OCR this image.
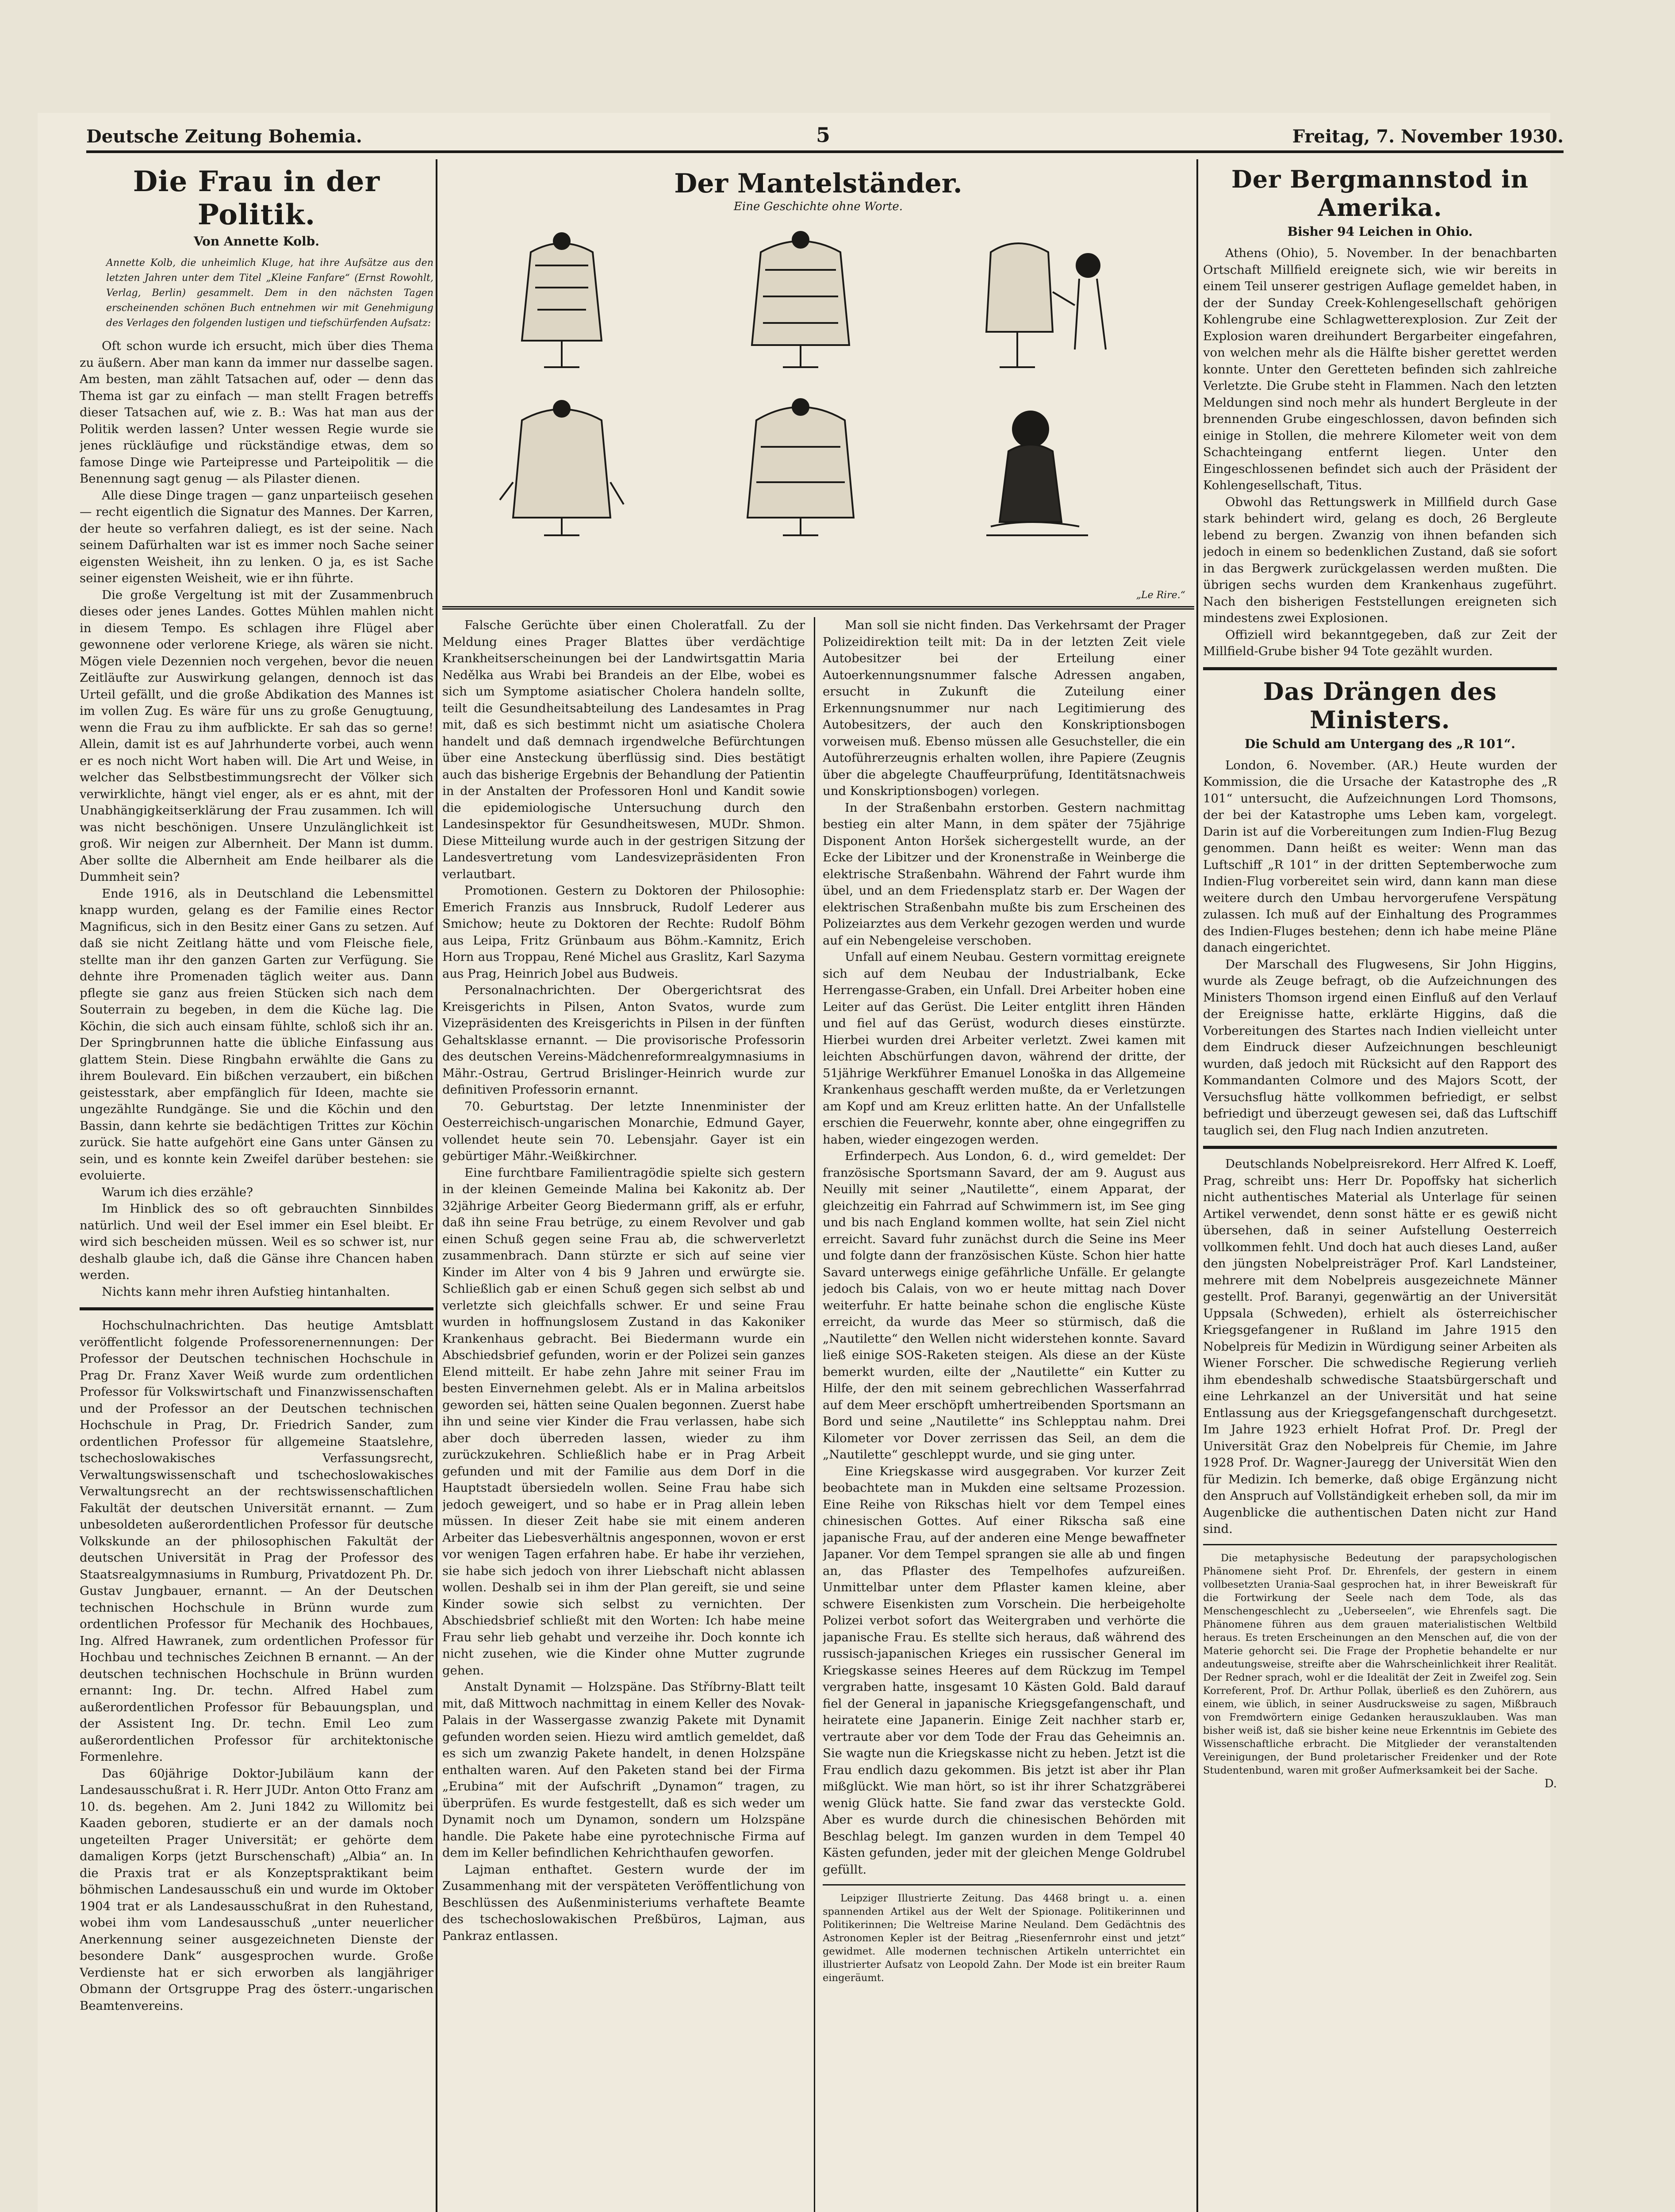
Deutsche Zeitung Bohemia.	5	Freitag, 7. November 1930.
Die Frau in der Politik.
Von Annette Kolb.
Annette Kolb, die unheimlich Kluge, hat ihre Aufsätze aus den letzten Jahren unter dem Titel „Kleine Fanfare“ (Ernst Rowohlt, Verlag, Berlin) gesammelt. Dem in den nächsten Tagen erscheinenden schönen Buch entnehmen wir mit Genehmigung des Verlages den folgenden lustigen und tiefschürfenden Aufsatz:

Oft schon wurde ich ersucht, mich über dies Thema zu äußern. Aber man kann da immer nur dasselbe sagen. Am besten, man zählt Tatsachen auf, oder — denn das Thema ist gar zu einfach — man stellt Fragen betreffs dieser Tatsachen auf, wie z. B.: Was hat man aus der Politik werden lassen? Unter wessen Regie wurde sie jenes rückläufige und rückständige etwas, dem so famose Dinge wie Parteipresse und Parteipolitik — die Benennung sagt genug — als Pilaster dienen.

Alle diese Dinge tragen — ganz unparteiisch gesehen — recht eigentlich die Signatur des Mannes. Der Karren, der heute so verfahren daliegt, es ist der seine. Nach seinem Dafürhalten war ist es immer noch Sache seiner eigensten Weisheit, ihn zu lenken. O ja, es ist Sache seiner eigensten Weisheit, wie er ihn führte.

Die große Vergeltung ist mit der Zusammenbruch dieses oder jenes Landes. Gottes Mühlen mahlen nicht in diesem Tempo. Es schlagen ihre Flügel aber gewonnene oder verlorene Kriege, als wären sie nicht. Mögen viele Dezennien noch vergehen, bevor die neuen Zeitläufte zur Auswirkung gelangen, dennoch ist das Urteil gefällt, und die große Abdikation des Mannes ist im vollen Zug. Es wäre für uns zu große Genugtuung, wenn die Frau zu ihm aufblickte. Er sah das so gerne! Allein, damit ist es auf Jahrhunderte vorbei, auch wenn er es noch nicht Wort haben will. Die Art und Weise, in welcher das Selbstbestimmungsrecht der Völker sich verwirklichte, hängt viel enger, als er es ahnt, mit der Unabhängigkeitserklärung der Frau zusammen. Ich will was nicht beschönigen. Unsere Unzulänglichkeit ist groß. Wir neigen zur Albernheit. Der Mann ist dumm. Aber sollte die Albernheit am Ende heilbarer als die Dummheit sein?

Ende 1916, als in Deutschland die Lebensmittel knapp wurden, gelang es der Familie eines Rector Magnificus, sich in den Besitz einer Gans zu setzen. Auf daß sie nicht Zeitlang hätte und vom Fleische fiele, stellte man ihr den ganzen Garten zur Verfügung. Sie dehnte ihre Promenaden täglich weiter aus. Dann pflegte sie ganz aus freien Stücken sich nach dem Souterrain zu begeben, in dem die Küche lag. Die Köchin, die sich auch einsam fühlte, schloß sich ihr an. Der Springbrunnen hatte die übliche Einfassung aus glattem Stein. Diese Ringbahn erwählte die Gans zu ihrem Boulevard. Ein bißchen verzaubert, ein bißchen geistesstark, aber empfänglich für Ideen, machte sie ungezählte Rundgänge. Sie und die Köchin und den Bassin, dann kehrte sie bedächtigen Trittes zur Köchin zurück. Sie hatte aufgehört eine Gans unter Gänsen zu sein, und es konnte kein Zweifel darüber bestehen: sie evoluierte.

Warum ich dies erzähle?

Im Hinblick des so oft gebrauchten Sinnbildes natürlich. Und weil der Esel immer ein Esel bleibt. Er wird sich bescheiden müssen. Weil es so schwer ist, nur deshalb glaube ich, daß die Gänse ihre Chancen haben werden.

Nichts kann mehr ihren Aufstieg hintanhalten.

Hochschulnachrichten. Das heutige Amtsblatt veröffentlicht folgende Professorenernennungen: Der Professor der Deutschen technischen Hochschule in Prag Dr. Franz Xaver Weiß wurde zum ordentlichen Professor für Volkswirtschaft und Finanzwissenschaften und der Professor an der Deutschen technischen Hochschule in Prag, Dr. Friedrich Sander, zum ordentlichen Professor für allgemeine Staatslehre, tschechoslowakisches Verfassungsrecht, Verwaltungswissenschaft und tschechoslowakisches Verwaltungsrecht an der rechtswissenschaftlichen Fakultät der deutschen Universität ernannt. — Zum unbesoldeten außerordentlichen Professor für deutsche Volkskunde an der philosophischen Fakultät der deutschen Universität in Prag der Professor des Staatsrealgymnasiums in Rumburg, Privatdozent Ph. Dr. Gustav Jungbauer, ernannt. — An der Deutschen technischen Hochschule in Brünn wurde zum ordentlichen Professor für Mechanik des Hochbaues, Ing. Alfred Hawranek, zum ordentlichen Professor für Hochbau und technisches Zeichnen B ernannt. — An der deutschen technischen Hochschule in Brünn wurden ernannt: Ing. Dr. techn. Alfred Habel zum außerordentlichen Professor für Bebauungsplan, und der Assistent Ing. Dr. techn. Emil Leo zum außerordentlichen Professor für architektonische Formenlehre.

Das 60jährige Doktor-Jubiläum kann der Landesausschußrat i. R. Herr JUDr. Anton Otto Franz am 10. ds. begehen. Am 2. Juni 1842 zu Willomitz bei Kaaden geboren, studierte er an der damals noch ungeteilten Prager Universität; er gehörte dem damaligen Korps (jetzt Burschenschaft) „Albia“ an. In die Praxis trat er als Konzeptspraktikant beim böhmischen Landesausschuß ein und wurde im Oktober 1904 trat er als Landesausschußrat in den Ruhestand, wobei ihm vom Landesausschuß „unter neuerlicher Anerkennung seiner ausgezeichneten Dienste der besondere Dank“ ausgesprochen wurde. Große Verdienste hat er sich erworben als langjähriger Obmann der Ortsgruppe Prag des österr.-ungarischen Beamtenvereins.

Der Mantelständer.
Eine Geschichte ohne Worte.
„Le Rire.“

Falsche Gerüchte über einen Choleratfall. Zu der Meldung eines Prager Blattes über verdächtige Krankheitserscheinungen bei der Landwirtsgattin Maria Nedělka aus Wrabi bei Brandeis an der Elbe, wobei es sich um Symptome asiatischer Cholera handeln sollte, teilt die Gesundheitsabteilung des Landesamtes in Prag mit, daß es sich bestimmt nicht um asiatische Cholera handelt und daß demnach irgendwelche Befürchtungen über eine Ansteckung überflüssig sind. Dies bestätigt auch das bisherige Ergebnis der Behandlung der Patientin in der Anstalten der Professoren Honl und Kandit sowie die epidemiologische Untersuchung durch den Landesinspektor für Gesundheitswesen, MUDr. Shmon. Diese Mitteilung wurde auch in der gestrigen Sitzung der Landesvertretung vom Landesvizepräsidenten Fron verlautbart.

Promotionen. Gestern zu Doktoren der Philosophie: Emerich Franzis aus Innsbruck, Rudolf Lederer aus Smichow; heute zu Doktoren der Rechte: Rudolf Böhm aus Leipa, Fritz Grünbaum aus Böhm.-Kamnitz, Erich Horn aus Troppau, René Michel aus Graslitz, Karl Sazyma aus Prag, Heinrich Jobel aus Budweis.

Personalnachrichten. Der Obergerichtsrat des Kreisgerichts in Pilsen, Anton Svatos, wurde zum Vizepräsidenten des Kreisgerichts in Pilsen in der fünften Gehaltsklasse ernannt. — Die provisorische Professorin des deutschen Vereins-Mädchenreformrealgymnasiums in Mähr.-Ostrau, Gertrud Brislinger-Heinrich wurde zur definitiven Professorin ernannt.

70. Geburtstag. Der letzte Innenminister der Oesterreichisch-ungarischen Monarchie, Edmund Gayer, vollendet heute sein 70. Lebensjahr. Gayer ist ein gebürtiger Mähr.-Weißkirchner.

Eine furchtbare Familientragödie spielte sich gestern in der kleinen Gemeinde Malina bei Kakonitz ab. Der 32jährige Arbeiter Georg Biedermann griff, als er erfuhr, daß ihn seine Frau betrüge, zu einem Revolver und gab einen Schuß gegen seine Frau ab, die schwerverletzt zusammenbrach. Dann stürzte er sich auf seine vier Kinder im Alter von 4 bis 9 Jahren und erwürgte sie. Schließlich gab er einen Schuß gegen sich selbst ab und verletzte sich gleichfalls schwer. Er und seine Frau wurden in hoffnungslosem Zustand in das Kakoniker Krankenhaus gebracht. Bei Biedermann wurde ein Abschiedsbrief gefunden, worin er der Polizei sein ganzes Elend mitteilt. Er habe zehn Jahre mit seiner Frau im besten Einvernehmen gelebt. Als er in Malina arbeitslos geworden sei, hätten seine Qualen begonnen. Zuerst habe ihn und seine vier Kinder die Frau verlassen, habe sich aber doch überreden lassen, wieder zu ihm zurückzukehren. Schließlich habe er in Prag Arbeit gefunden und mit der Familie aus dem Dorf in die Hauptstadt übersiedeln wollen. Seine Frau habe sich jedoch geweigert, und so habe er in Prag allein leben müssen. In dieser Zeit habe sie mit einem anderen Arbeiter das Liebesverhältnis angesponnen, wovon er erst vor wenigen Tagen erfahren habe. Er habe ihr verziehen, sie habe sich jedoch von ihrer Liebschaft nicht ablassen wollen. Deshalb sei in ihm der Plan gereift, sie und seine Kinder sowie sich selbst zu vernichten. Der Abschiedsbrief schließt mit den Worten: Ich habe meine Frau sehr lieb gehabt und verzeihe ihr. Doch konnte ich nicht zusehen, wie die Kinder ohne Mutter zugrunde gehen.

Anstalt Dynamit — Holzspäne. Das Stříbrny-Blatt teilt mit, daß Mittwoch nachmittag in einem Keller des Novak-Palais in der Wassergasse zwanzig Pakete mit Dynamit gefunden worden seien. Hiezu wird amtlich gemeldet, daß es sich um zwanzig Pakete handelt, in denen Holzspäne enthalten waren. Auf den Paketen stand bei der Firma „Erubina“ mit der Aufschrift „Dynamon“ tragen, zu überprüfen. Es wurde festgestellt, daß es sich weder um Dynamit noch um Dynamon, sondern um Holzspäne handle. Die Pakete habe eine pyrotechnische Firma auf dem im Keller befindlichen Kehrichthaufen geworfen.

Lajman enthaftet. Gestern wurde der im Zusammenhang mit der verspäteten Veröffentlichung von Beschlüssen des Außenministeriums verhaftete Beamte des tschechoslowakischen Preßbüros, Lajman, aus Pankraz entlassen.

Man soll sie nicht finden. Das Verkehrsamt der Prager Polizeidirektion teilt mit: Da in der letzten Zeit viele Autobesitzer bei der Erteilung einer Autoerkennungsnummer falsche Adressen angaben, ersucht in Zukunft die Zuteilung einer Erkennungsnummer nur nach Legitimierung des Autobesitzers, der auch den Konskriptionsbogen vorweisen muß. Ebenso müssen alle Gesuchsteller, die ein Autoführerzeugnis erhalten wollen, ihre Papiere (Zeugnis über die abgelegte Chauffeurprüfung, Identitätsnachweis und Konskriptionsbogen) vorlegen.

In der Straßenbahn erstorben. Gestern nachmittag bestieg ein alter Mann, in dem später der 75jährige Disponent Anton Horšek sichergestellt wurde, an der Ecke der Libitzer und der Kronenstraße in Weinberge die elektrische Straßenbahn. Während der Fahrt wurde ihm übel, und an dem Friedensplatz starb er. Der Wagen der elektrischen Straßenbahn mußte bis zum Erscheinen des Polizeiarztes aus dem Verkehr gezogen werden und wurde auf ein Nebengeleise verschoben.

Unfall auf einem Neubau. Gestern vormittag ereignete sich auf dem Neubau der Industrialbank, Ecke Herrengasse-Graben, ein Unfall. Drei Arbeiter hoben eine Leiter auf das Gerüst. Die Leiter entglitt ihren Händen und fiel auf das Gerüst, wodurch dieses einstürzte. Hierbei wurden drei Arbeiter verletzt. Zwei kamen mit leichten Abschürfungen davon, während der dritte, der 51jährige Werkführer Emanuel Lonoška in das Allgemeine Krankenhaus geschafft werden mußte, da er Verletzungen am Kopf und am Kreuz erlitten hatte. An der Unfallstelle erschien die Feuerwehr, konnte aber, ohne eingegriffen zu haben, wieder eingezogen werden.

Erfinderpech. Aus London, 6. d., wird gemeldet: Der französische Sportsmann Savard, der am 9. August aus Neuilly mit seiner „Nautilette“, einem Apparat, der gleichzeitig ein Fahrrad auf Schwimmern ist, im See ging und bis nach England kommen wollte, hat sein Ziel nicht erreicht. Savard fuhr zunächst durch die Seine ins Meer und folgte dann der französischen Küste. Schon hier hatte Savard unterwegs einige gefährliche Unfälle. Er gelangte jedoch bis Calais, von wo er heute mittag nach Dover weiterfuhr. Er hatte beinahe schon die englische Küste erreicht, da wurde das Meer so stürmisch, daß die „Nautilette“ den Wellen nicht widerstehen konnte. Savard ließ einige SOS-Raketen steigen. Als diese an der Küste bemerkt wurden, eilte der „Nautilette“ ein Kutter zu Hilfe, der den mit seinem gebrechlichen Wasserfahrrad auf dem Meer erschöpft umhertreibenden Sportsmann an Bord und seine „Nautilette“ ins Schlepptau nahm. Drei Kilometer vor Dover zerrissen das Seil, an dem die „Nautilette“ geschleppt wurde, und sie ging unter.

Eine Kriegskasse wird ausgegraben. Vor kurzer Zeit beobachtete man in Mukden eine seltsame Prozession. Eine Reihe von Rikschas hielt vor dem Tempel eines chinesischen Gottes. Auf einer Rikscha saß eine japanische Frau, auf der anderen eine Menge bewaffneter Japaner. Vor dem Tempel sprangen sie alle ab und fingen an, das Pflaster des Tempelhofes aufzureißen. Unmittelbar unter dem Pflaster kamen kleine, aber schwere Eisenkisten zum Vorschein. Die herbeigeholte Polizei verbot sofort das Weitergraben und verhörte die japanische Frau. Es stellte sich heraus, daß während des russisch-japanischen Krieges ein russischer General im Kriegskasse seines Heeres auf dem Rückzug im Tempel vergraben hatte, insgesamt 10 Kästen Gold. Bald darauf fiel der General in japanische Kriegsgefangenschaft, und heiratete eine Japanerin. Einige Zeit nachher starb er, vertraute aber vor dem Tode der Frau das Geheimnis an. Sie wagte nun die Kriegskasse nicht zu heben. Jetzt ist die Frau endlich dazu gekommen. Bis jetzt ist aber ihr Plan mißglückt. Wie man hört, so ist ihr ihrer Schatzgräberei wenig Glück hatte. Sie fand zwar das versteckte Gold. Aber es wurde durch die chinesischen Behörden mit Beschlag belegt. Im ganzen wurden in dem Tempel 40 Kästen gefunden, jeder mit der gleichen Menge Goldrubel gefüllt.

Leipziger Illustrierte Zeitung. Das 4468 bringt u. a. einen spannenden Artikel aus der Welt der Spionage. Politikerinnen und Politikerinnen; Die Weltreise Marine Neuland. Dem Gedächtnis des Astronomen Kepler ist der Beitrag „Riesenfernrohr einst und jetzt“ gewidmet. Alle modernen technischen Artikeln unterrichtet ein illustrierter Aufsatz von Leopold Zahn. Der Mode ist ein breiter Raum eingeräumt.

Der Bergmannstod in Amerika.
Bisher 94 Leichen in Ohio.

Athens (Ohio), 5. November. In der benachbarten Ortschaft Millfield ereignete sich, wie wir bereits in einem Teil unserer gestrigen Auflage gemeldet haben, in der der Sunday Creek-Kohlengesellschaft gehörigen Kohlengrube eine Schlagwetterexplosion. Zur Zeit der Explosion waren dreihundert Bergarbeiter eingefahren, von welchen mehr als die Hälfte bisher gerettet werden konnte. Unter den Geretteten befinden sich zahlreiche Verletzte. Die Grube steht in Flammen. Nach den letzten Meldungen sind noch mehr als hundert Bergleute in der brennenden Grube eingeschlossen, davon befinden sich einige in Stollen, die mehrere Kilometer weit von dem Schachteingang entfernt liegen. Unter den Eingeschlossenen befindet sich auch der Präsident der Kohlengesellschaft, Titus.

Obwohl das Rettungswerk in Millfield durch Gase stark behindert wird, gelang es doch, 26 Bergleute lebend zu bergen. Zwanzig von ihnen befanden sich jedoch in einem so bedenklichen Zustand, daß sie sofort in das Bergwerk zurückgelassen werden mußten. Die übrigen sechs wurden dem Krankenhaus zugeführt. Nach den bisherigen Feststellungen ereigneten sich mindestens zwei Explosionen.

Offiziell wird bekanntgegeben, daß zur Zeit der Millfield-Grube bisher 94 Tote gezählt wurden.

Das Drängen des Ministers.
Die Schuld am Untergang des „R 101“.

London, 6. November. (AR.) Heute wurden der Kommission, die die Ursache der Katastrophe des „R 101“ untersucht, die Aufzeichnungen Lord Thomsons, der bei der Katastrophe ums Leben kam, vorgelegt. Darin ist auf die Vorbereitungen zum Indien-Flug Bezug genommen. Dann heißt es weiter: Wenn man das Luftschiff „R 101“ in der dritten Septemberwoche zum Indien-Flug vorbereitet sein wird, dann kann man diese weitere durch den Umbau hervorgerufene Verspätung zulassen. Ich muß auf der Einhaltung des Programmes des Indien-Fluges bestehen; denn ich habe meine Pläne danach eingerichtet.

Der Marschall des Flugwesens, Sir John Higgins, wurde als Zeuge befragt, ob die Aufzeichnungen des Ministers Thomson irgend einen Einfluß auf den Verlauf der Ereignisse hatte, erklärte Higgins, daß die Vorbereitungen des Startes nach Indien vielleicht unter dem Eindruck dieser Aufzeichnungen beschleunigt wurden, daß jedoch mit Rücksicht auf den Rapport des Kommandanten Colmore und des Majors Scott, der Versuchsflug hätte vollkommen befriedigt, er selbst befriedigt und überzeugt gewesen sei, daß das Luftschiff tauglich sei, den Flug nach Indien anzutreten.

Deutschlands Nobelpreisrekord. Herr Alfred K. Loeff, Prag, schreibt uns: Herr Dr. Popoffsky hat sicherlich nicht authentisches Material als Unterlage für seinen Artikel verwendet, denn sonst hätte er es gewiß nicht übersehen, daß in seiner Aufstellung Oesterreich vollkommen fehlt. Und doch hat auch dieses Land, außer den jüngsten Nobelpreisträger Prof. Karl Landsteiner, mehrere mit dem Nobelpreis ausgezeichnete Männer gestellt. Prof. Baranyi, gegenwärtig an der Universität Uppsala (Schweden), erhielt als österreichischer Kriegsgefangener in Rußland im Jahre 1915 den Nobelpreis für Medizin in Würdigung seiner Arbeiten als Wiener Forscher. Die schwedische Regierung verlieh ihm ebendeshalb schwedische Staatsbürgerschaft und eine Lehrkanzel an der Universität und hat seine Entlassung aus der Kriegsgefangenschaft durchgesetzt. Im Jahre 1923 erhielt Hofrat Prof. Dr. Pregl der Universität Graz den Nobelpreis für Chemie, im Jahre 1928 Prof. Dr. Wagner-Jauregg der Universität Wien den für Medizin. Ich bemerke, daß obige Ergänzung nicht den Anspruch auf Vollständigkeit erheben soll, da mir im Augenblicke die authentischen Daten nicht zur Hand sind.

Die metaphysische Bedeutung der parapsychologischen Phänomene sieht Prof. Dr. Ehrenfels, der gestern in einem vollbesetzten Urania-Saal gesprochen hat, in ihrer Beweiskraft für die Fortwirkung der Seele nach dem Tode, als das Menschengeschlecht zu „Ueberseelen“, wie Ehrenfels sagt. Die Phänomene führen aus dem grauen materialistischen Weltbild heraus. Es treten Erscheinungen an den Menschen auf, die von der Materie gehorcht sei. Die Frage der Prophetie behandelte er nur andeutungsweise, streifte aber die Wahrscheinlichkeit ihrer Realität. Der Redner sprach, wohl er die Idealität der Zeit in Zweifel zog. Sein Korreferent, Prof. Dr. Arthur Pollak, überließ es den Zuhörern, aus einem, wie üblich, in seiner Ausdrucksweise zu sagen, Mißbrauch von Fremdwörtern einige Gedanken herauszuklauben. Was man bisher weiß ist, daß sie bisher keine neue Erkenntnis im Gebiete des Wissenschaftliche erbracht. Die Mitglieder der veranstaltenden Vereinigungen, der Bund proletarischer Freidenker und der Rote Studentenbund, waren mit großer Aufmerksamkeit bei der Sache.

D.
